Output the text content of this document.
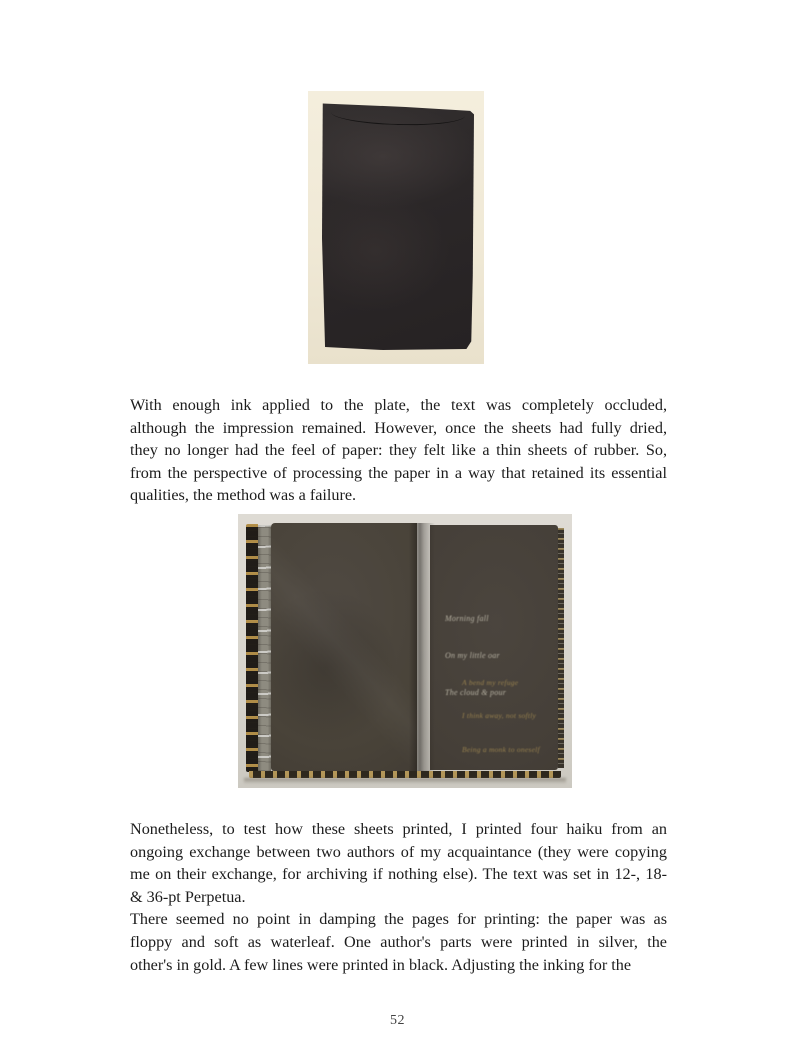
With enough ink applied to the plate, the text was completely occluded,
although the impression remained. However, once the sheets had fully dried,
they no longer had the feel of paper: they felt like a thin sheets of rubber. So,
from the perspective of processing the paper in a way that retained its essential
qualities, the method was a failure.

Morning fall

On my little oar

The cloud & pour

A bend my refuge

I think away, not softly

Being a monk to oneself

Nonetheless, to test how these sheets printed, I printed four haiku from an
ongoing exchange between two authors of my acquaintance (they were copying
me on their exchange, for archiving if nothing else). The text was set in 12-, 18-
& 36-pt Perpetua.
There seemed no point in damping the pages for printing: the paper was as
floppy and soft as waterleaf. One author's parts were printed in silver, the
other's in gold. A few lines were printed in black. Adjusting the inking for the
52
